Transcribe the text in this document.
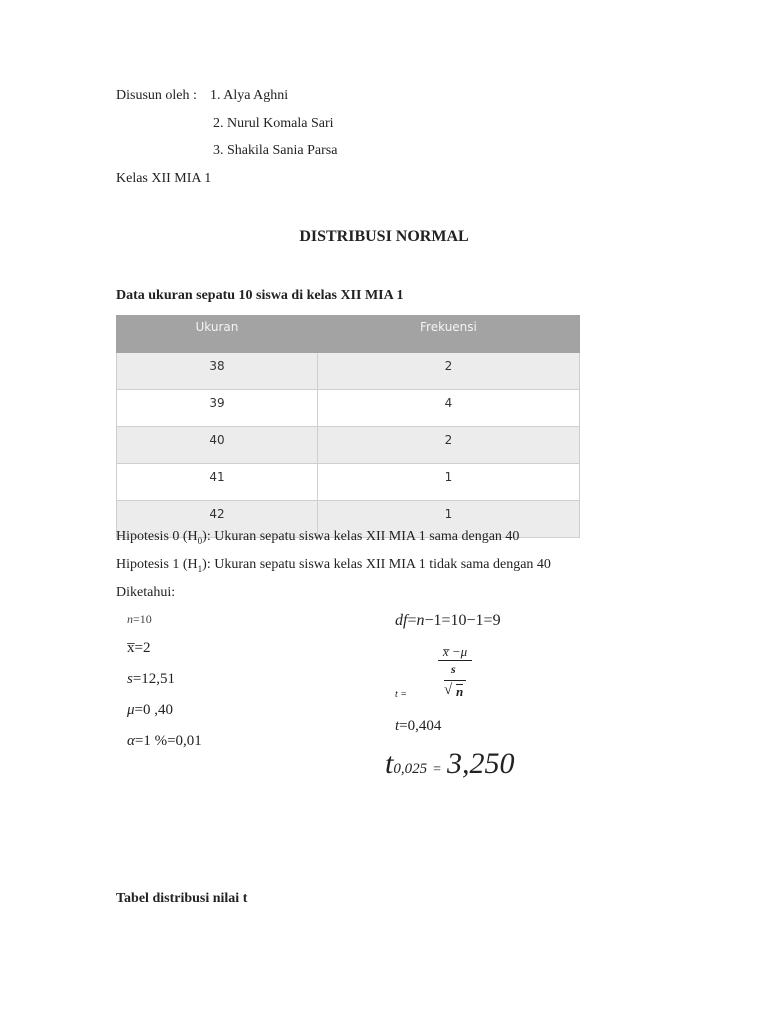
Disusun oleh : 1. Alya Aghni
2. Nurul Komala Sari
3. Shakila Sania Parsa
Kelas XII MIA 1
DISTRIBUSI NORMAL
Data ukuran sepatu 10 siswa di kelas XII MIA 1
Ukuran	Frekuensi
38	2
39	4
40	2
41	1
42	1
Hipotesis 0 $(H_0)$: Ukuran sepatu siswa kelas XII MIA 1 sama dengan 40
Hipotesis 1 $(H_1)$: Ukuran sepatu siswa kelas XII MIA 1 tidak sama dengan 40
Diketahui:
n=10
x̅=2
s=12,51
μ=0 ,40
α=1 %=0,01
df=n−1=10−1=9
t =
x̅ −μ
s
√ n
t=0,404
t0,025 = 3,250
Tabel distribusi nilai t
